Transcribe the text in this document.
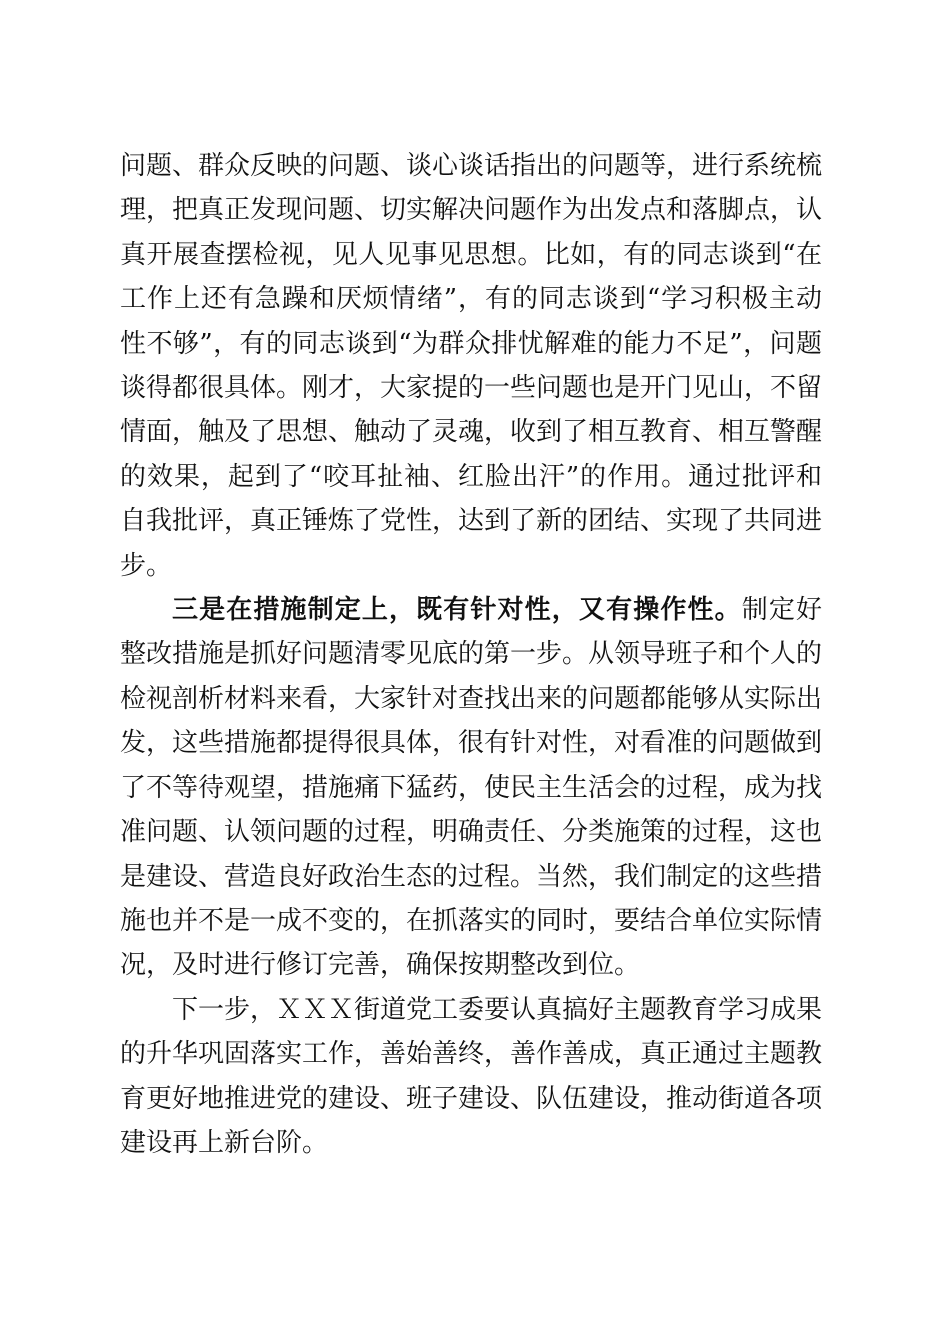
问题、群众反映的问题、谈心谈话指出的问题等，进行系统梳理，把真正发现问题、切实解决问题作为出发点和落脚点，认真开展查摆检视，见人见事见思想。比如，有的同志谈到“在工作上还有急躁和厌烦情绪”，有的同志谈到“学习积极主动性不够”，有的同志谈到“为群众排忧解难的能力不足”，问题谈得都很具体。刚才，大家提的一些问题也是开门见山，不留情面，触及了思想、触动了灵魂，收到了相互教育、相互警醒的效果，起到了“咬耳扯袖、红脸出汗”的作用。通过批评和自我批评，真正锤炼了党性，达到了新的团结、实现了共同进步。

三是在措施制定上，既有针对性，又有操作性。制定好整改措施是抓好问题清零见底的第一步。从领导班子和个人的检视剖析材料来看，大家针对查找出来的问题都能够从实际出发，这些措施都提得很具体，很有针对性，对看准的问题做到了不等待观望，措施痛下猛药，使民主生活会的过程，成为找准问题、认领问题的过程，明确责任、分类施策的过程，这也是建设、营造良好政治生态的过程。当然，我们制定的这些措施也并不是一成不变的，在抓落实的同时，要结合单位实际情况，及时进行修订完善，确保按期整改到位。

下一步，ＸＸＸ街道党工委要认真搞好主题教育学习成果的升华巩固落实工作，善始善终，善作善成，真正通过主题教育更好地推进党的建设、班子建设、队伍建设，推动街道各项建设再上新台阶。
